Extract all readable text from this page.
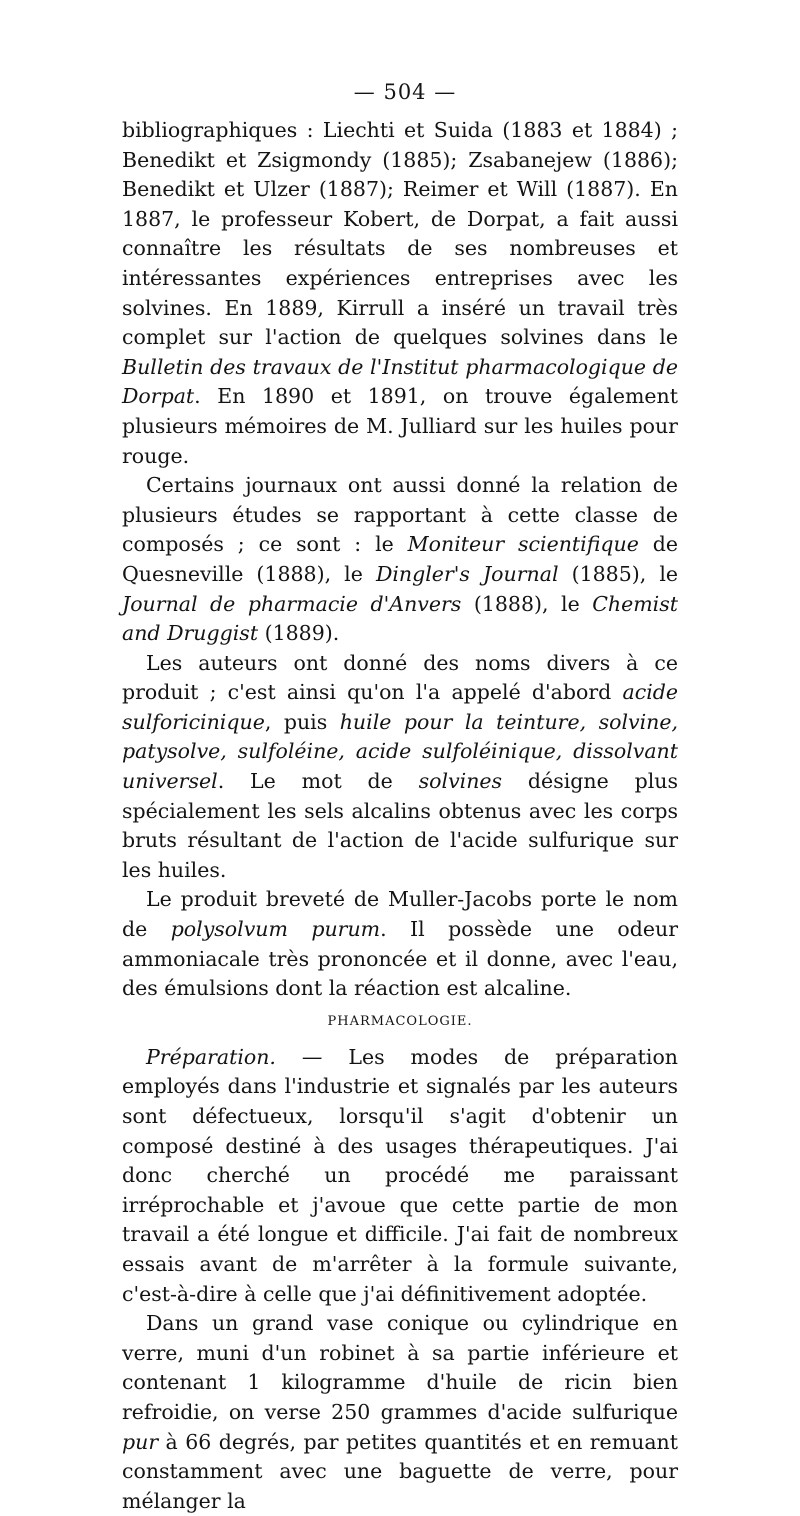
— 504 —

bibliographiques : Liechti et Suida (1883 et 1884) ; Benedikt et Zsigmondy (1885); Zsabanejew (1886); Benedikt et Ulzer (1887); Reimer et Will (1887). En 1887, le professeur Kobert, de Dorpat, a fait aussi connaître les résultats de ses nombreuses et intéressantes expériences entreprises avec les solvines. En 1889, Kirrull a inséré un travail très complet sur l'action de quelques solvines dans le Bulletin des travaux de l'Institut pharmacologique de Dorpat. En 1890 et 1891, on trouve également plusieurs mémoires de M. Julliard sur les huiles pour rouge.

Certains journaux ont aussi donné la relation de plusieurs études se rapportant à cette classe de composés ; ce sont : le Moniteur scientifique de Quesneville (1888), le Dingler's Journal (1885), le Journal de pharmacie d'Anvers (1888), le Chemist and Druggist (1889).

Les auteurs ont donné des noms divers à ce produit ; c'est ainsi qu'on l'a appelé d'abord acide sulforicinique, puis huile pour la teinture, solvine, patysolve, sulfoléine, acide sulfoléinique, dissolvant universel. Le mot de solvines désigne plus spécialement les sels alcalins obtenus avec les corps bruts résultant de l'action de l'acide sulfurique sur les huiles.

Le produit breveté de Muller-Jacobs porte le nom de polysolvum purum. Il possède une odeur ammoniacale très prononcée et il donne, avec l'eau, des émulsions dont la réaction est alcaline.

PHARMACOLOGIE.

Préparation. — Les modes de préparation employés dans l'industrie et signalés par les auteurs sont défectueux, lorsqu'il s'agit d'obtenir un composé destiné à des usages thérapeutiques. J'ai donc cherché un procédé me paraissant irréprochable et j'avoue que cette partie de mon travail a été longue et difficile. J'ai fait de nombreux essais avant de m'arrêter à la formule suivante, c'est-à-dire à celle que j'ai définitivement adoptée.

Dans un grand vase conique ou cylindrique en verre, muni d'un robinet à sa partie inférieure et contenant 1 kilogramme d'huile de ricin bien refroidie, on verse 250 grammes d'acide sulfurique pur à 66 degrés, par petites quantités et en remuant constamment avec une baguette de verre, pour mélanger la
